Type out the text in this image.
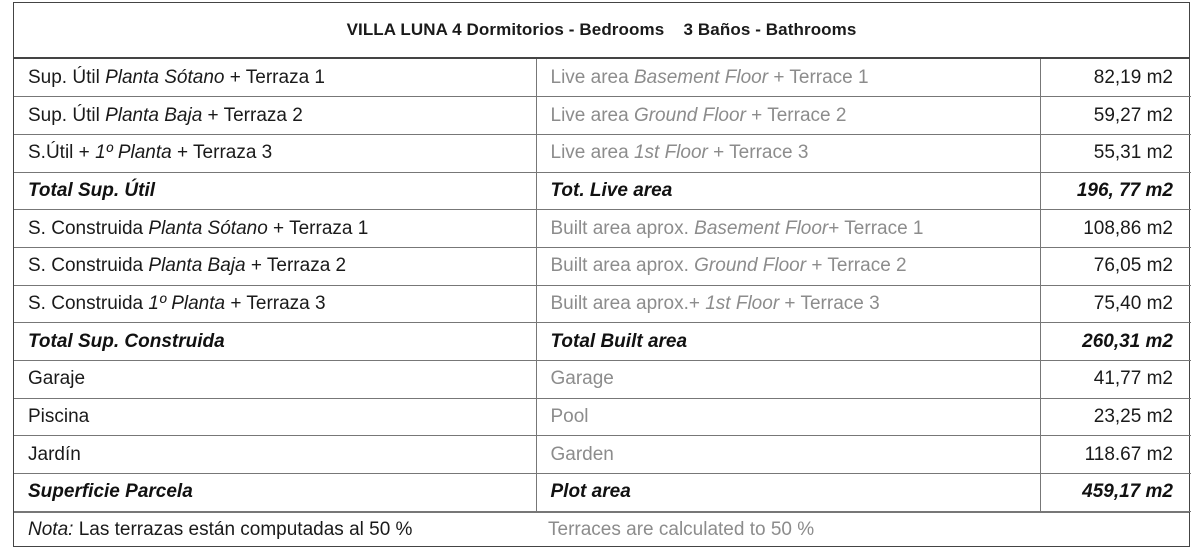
VILLA LUNA 4 Dormitorios - Bedrooms    3 Baños - Bathrooms
Sup. Útil Planta Sótano + Terraza 1	Live area Basement Floor + Terrace 1	82,19 m2
Sup. Útil Planta Baja + Terraza 2	Live area Ground Floor + Terrace 2	59,27 m2
S.Útil + 1º Planta + Terraza 3	Live area 1st Floor + Terrace 3	55,31 m2
Total Sup. Útil	Tot. Live area	196, 77 m2
S. Construida Planta Sótano + Terraza 1	Built area aprox. Basement Floor+ Terrace 1	108,86 m2
S. Construida Planta Baja + Terraza 2	Built area aprox. Ground Floor + Terrace 2	76,05 m2
S. Construida 1º Planta + Terraza 3	Built area aprox.+ 1st Floor + Terrace 3	75,40 m2
Total Sup. Construida	Total Built area	260,31 m2
Garaje	Garage	41,77 m2
Piscina	Pool	23,25 m2
Jardín	Garden	118.67 m2
Superficie Parcela	Plot area	459,17 m2
Nota: Las terrazas están computadas al 50 %	Terraces are calculated to 50 %
